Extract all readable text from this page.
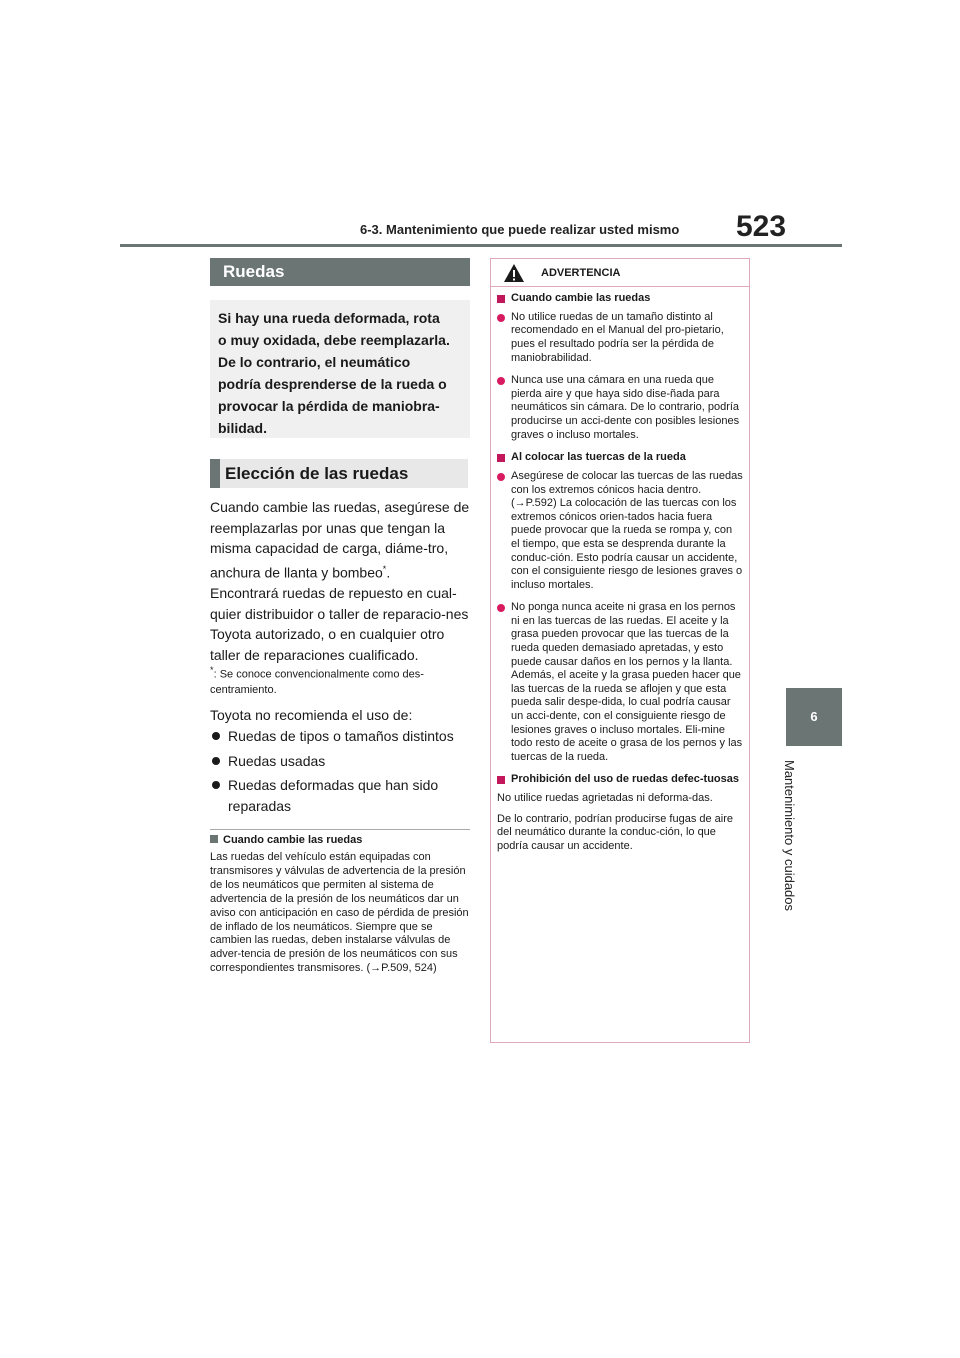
6-3. Mantenimiento que puede realizar usted mismo 523
6
Mantenimiento y cuidados
Ruedas

Si hay una rueda deformada, rota

o muy oxidada, debe reemplazarla.

De lo contrario, el neumático

podría desprenderse de la rueda o

provocar la pérdida de maniobra-

bilidad.

Elección de las ruedas

Cuando cambie las ruedas, asegúrese de reemplazarlas por unas que tengan la misma capacidad de carga, diáme-tro, anchura de llanta y bombeo*.

Encontrará ruedas de repuesto en cual-quier distribuidor o taller de reparacio-nes Toyota autorizado, o en cualquier otro taller de reparaciones cualificado.

*: Se conoce convencionalmente como des-centramiento.

Toyota no recomienda el uso de:

Ruedas de tipos o tamaños distintos
Ruedas usadas
Ruedas deformadas que han sido reparadas
Cuando cambie las ruedas

Las ruedas del vehículo están equipadas con transmisores y válvulas de advertencia de la presión de los neumáticos que permiten al sistema de advertencia de la presión de los neumáticos dar un aviso con anticipación en caso de pérdida de presión de inflado de los neumáticos. Siempre que se cambien las ruedas, deben instalarse válvulas de adver-tencia de presión de los neumáticos con sus correspondientes transmisores. (→P.509, 524)

ADVERTENCIA
Cuando cambie las ruedas
No utilice ruedas de un tamaño distinto al recomendado en el Manual del pro-pietario, pues el resultado podría ser la pérdida de maniobrabilidad.
Nunca use una cámara en una rueda que pierda aire y que haya sido dise-ñada para neumáticos sin cámara. De lo contrario, podría producirse un acci-dente con posibles lesiones graves o incluso mortales.
Al colocar las tuercas de la rueda
Asegúrese de colocar las tuercas de las ruedas con los extremos cónicos hacia dentro. (→P.592) La colocación de las tuercas con los extremos cónicos orien-tados hacia fuera puede provocar que la rueda se rompa y, con el tiempo, que esta se desprenda durante la conduc-ción. Esto podría causar un accidente, con el consiguiente riesgo de lesiones graves o incluso mortales.
No ponga nunca aceite ni grasa en los pernos ni en las tuercas de las ruedas. El aceite y la grasa pueden provocar que las tuercas de la rueda queden demasiado apretadas, y esto puede causar daños en los pernos y la llanta. Además, el aceite y la grasa pueden hacer que las tuercas de la rueda se aflojen y que esta pueda salir despe-dida, lo cual podría causar un acci-dente, con el consiguiente riesgo de lesiones graves o incluso mortales. Eli-mine todo resto de aceite o grasa de los pernos y las tuercas de la rueda.
Prohibición del uso de ruedas defec-tuosas

No utilice ruedas agrietadas ni deforma-das.

De lo contrario, podrían producirse fugas de aire del neumático durante la conduc-ción, lo que podría causar un accidente.
